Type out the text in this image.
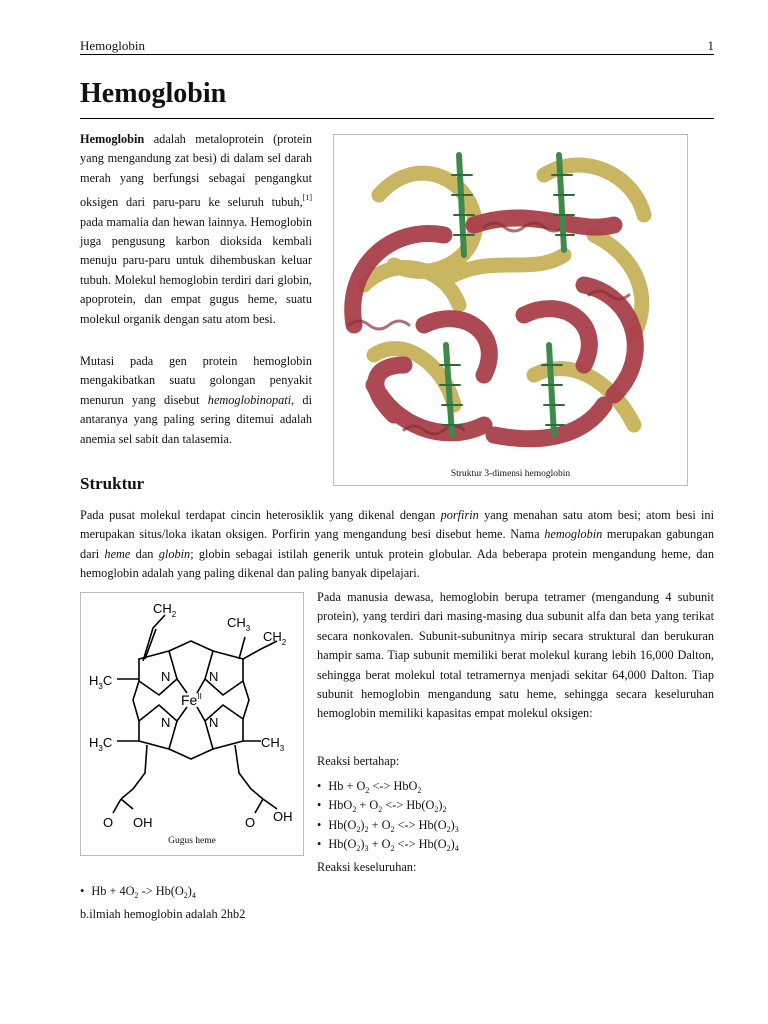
Hemoglobin	1
Hemoglobin

Hemoglobin adalah metaloprotein (protein yang mengandung zat besi) di dalam sel darah merah yang berfungsi sebagai pengangkut oksigen dari paru-paru ke seluruh tubuh,[1] pada mamalia dan hewan lainnya. Hemoglobin juga pengusung karbon dioksida kembali menuju paru-paru untuk dihembuskan keluar tubuh. Molekul hemoglobin terdiri dari globin, apoprotein, dan empat gugus heme, suatu molekul organik dengan satu atom besi.

Mutasi pada gen protein hemoglobin mengakibatkan suatu golongan penyakit menurun yang disebut hemoglobinopati, di antaranya yang paling sering ditemui adalah anemia sel sabit dan talasemia.

Struktur 3-dimensi hemoglobin
Struktur

Pada pusat molekul terdapat cincin heterosiklik yang dikenal dengan porfirin yang menahan satu atom besi; atom besi ini merupakan situs/loka ikatan oksigen. Porfirin yang mengandung besi disebut heme. Nama hemoglobin merupakan gabungan dari heme dan globin; globin sebagai istilah generik untuk protein globular. Ada beberapa protein mengandung heme, dan hemoglobin adalah yang paling dikenal dan paling banyak dipelajari.

$CH_2$
$CH_3$
$CH_2$
$H_3C$
$H_3C$	$CH_3$
N	N
N	N
$Fe^{II}$
O OH	O OH
Gugus heme

Pada manusia dewasa, hemoglobin berupa tetramer (mengandung 4 subunit protein), yang terdiri dari masing-masing dua subunit alfa dan beta yang terikat secara nonkovalen. Subunit-subunitnya mirip secara struktural dan berukuran hampir sama. Tiap subunit memiliki berat molekul kurang lebih 16,000 Dalton, sehingga berat molekul total tetramernya menjadi sekitar 64,000 Dalton. Tiap subunit hemoglobin mengandung satu heme, sehingga secara keseluruhan hemoglobin memiliki kapasitas empat molekul oksigen:

Reaksi bertahap:
• $Hb + O_2$ <-> HbO$_2$
• $HbO_2 + O_2$ <-> $Hb(O_2)_2$
• $Hb(O_2)_2 + O_2$ <-> $Hb(O_2)_3$
• $Hb(O_2)_3 + O_2$ <-> $Hb(O_2)_4$
Reaksi keseluruhan:
• $Hb + 4O_2 -> Hb(O_2)_4$
b.ilmiah hemoglobin adalah 2hb2
